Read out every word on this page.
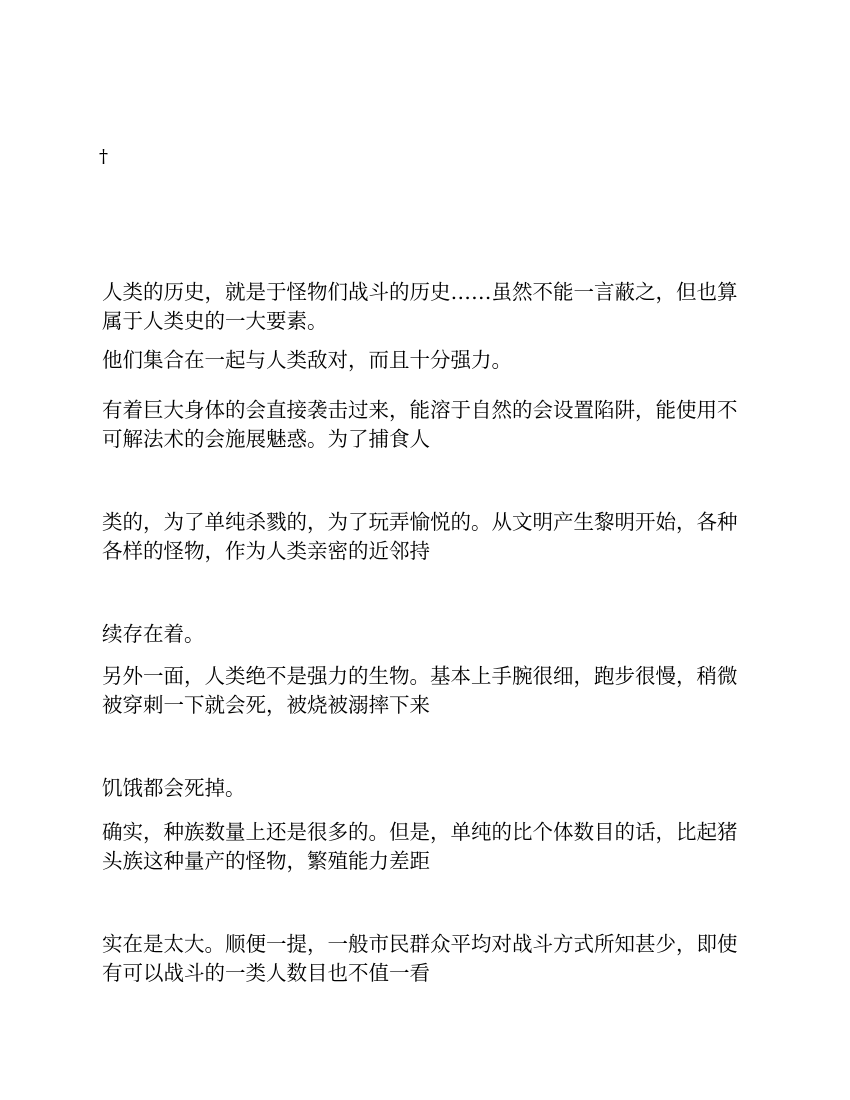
†
人类的历史，就是于怪物们战斗的历史……虽然不能一言蔽之，但也算
属于人类史的一大要素。
他们集合在一起与人类敌对，而且十分强力。
有着巨大身体的会直接袭击过来，能溶于自然的会设置陷阱，能使用不
可解法术的会施展魅惑。为了捕食人
类的，为了单纯杀戮的，为了玩弄愉悦的。从文明产生黎明开始，各种
各样的怪物，作为人类亲密的近邻持
续存在着。
另外一面，人类绝不是强力的生物。基本上手腕很细，跑步很慢，稍微
被穿刺一下就会死，被烧被溺摔下来
饥饿都会死掉。
确实，种族数量上还是很多的。但是，单纯的比个体数目的话，比起猪
头族这种量产的怪物，繁殖能力差距
实在是太大。顺便一提，一般市民群众平均对战斗方式所知甚少，即使
有可以战斗的一类人数目也不值一看
